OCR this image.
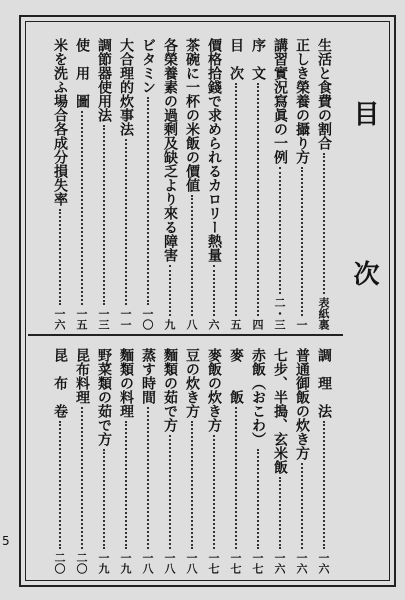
5
目　次
生活と食費の割合
表紙裏
正しき榮養の攝り方
一
講習實況寫眞の一例
二・三
序　文
四
目　次
五
價格拾錢で求められるカロリー熱量
六
茶碗に一杯の米飯の價値
八
各榮養素の過剩及缺乏より來る障害
九
ビタミン
一〇
大合理的炊事法
一一
調節器使用法
一三
使　用　圖
一五
米を洗ふ場合各成分損失率
一六
調　理　法
一六
普通御飯の炊き方
一六
七步、半搗、玄米飯
一六
赤飯（おこわ）
一七
麥　　飯
一七
麥飯の炊き方
一七
豆の炊き方
一八
麵類の茹で方
一八
蒸す時間
一八
麵類の料理
一九
野菜類の茹で方
一九
昆布料理
二〇
昆　布　卷
二〇
